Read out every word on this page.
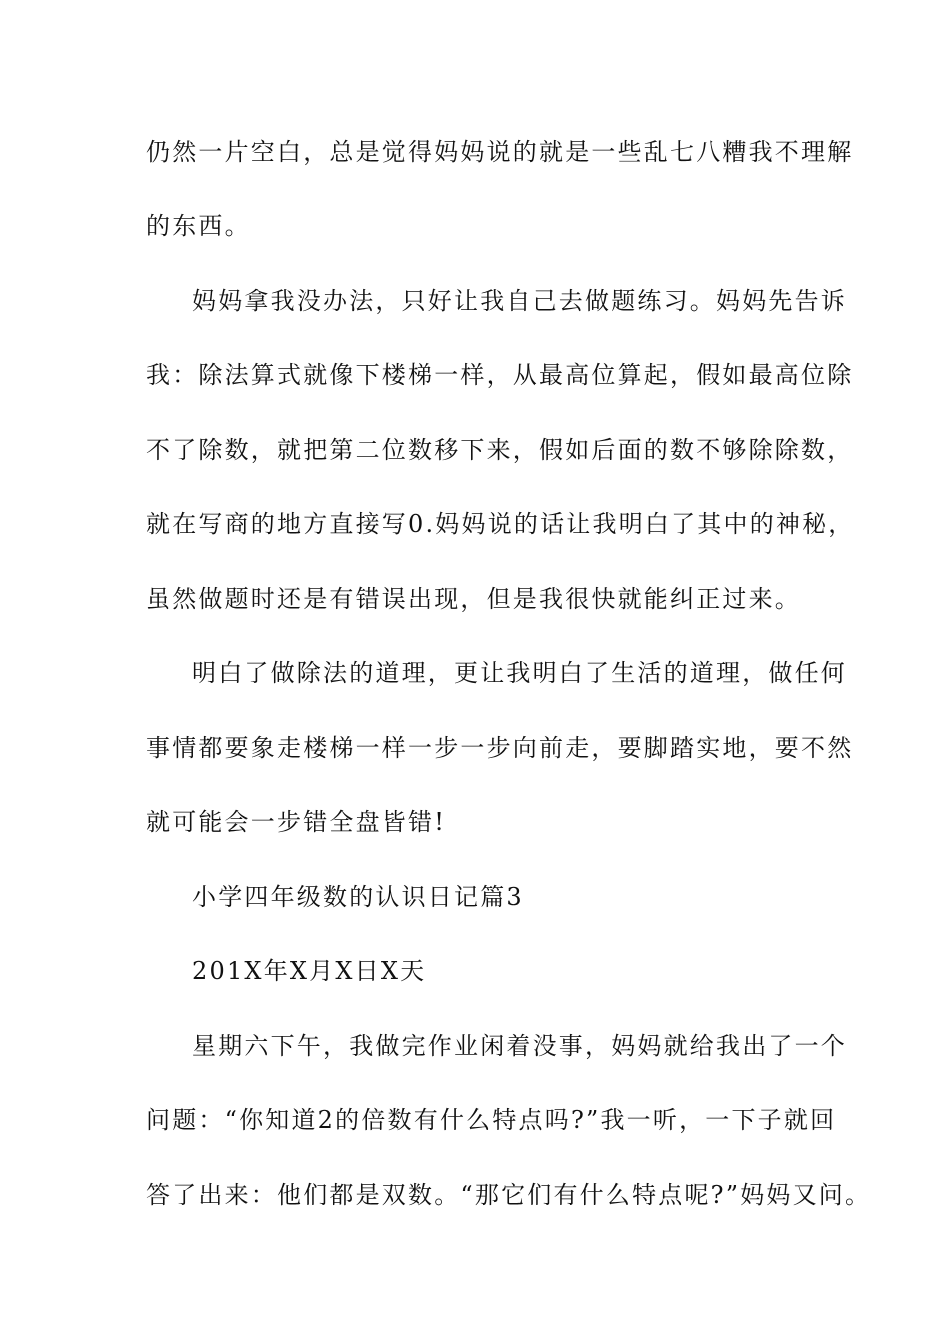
仍然一片空白，总是觉得妈妈说的就是一些乱七八糟我不理解
的东西。
妈妈拿我没办法，只好让我自己去做题练习。妈妈先告诉
我：除法算式就像下楼梯一样，从最高位算起，假如最高位除
不了除数，就把第二位数移下来，假如后面的数不够除除数，
就在写商的地方直接写0.妈妈说的话让我明白了其中的神秘，
虽然做题时还是有错误出现，但是我很快就能纠正过来。
明白了做除法的道理，更让我明白了生活的道理，做任何
事情都要象走楼梯一样一步一步向前走，要脚踏实地，要不然
就可能会一步错全盘皆错!
小学四年级数的认识日记篇3
201X年X月X日X天
星期六下午，我做完作业闲着没事，妈妈就给我出了一个
问题：“你知道2的倍数有什么特点吗?”我一听，一下子就回
答了出来：他们都是双数。“那它们有什么特点呢?”妈妈又问。
